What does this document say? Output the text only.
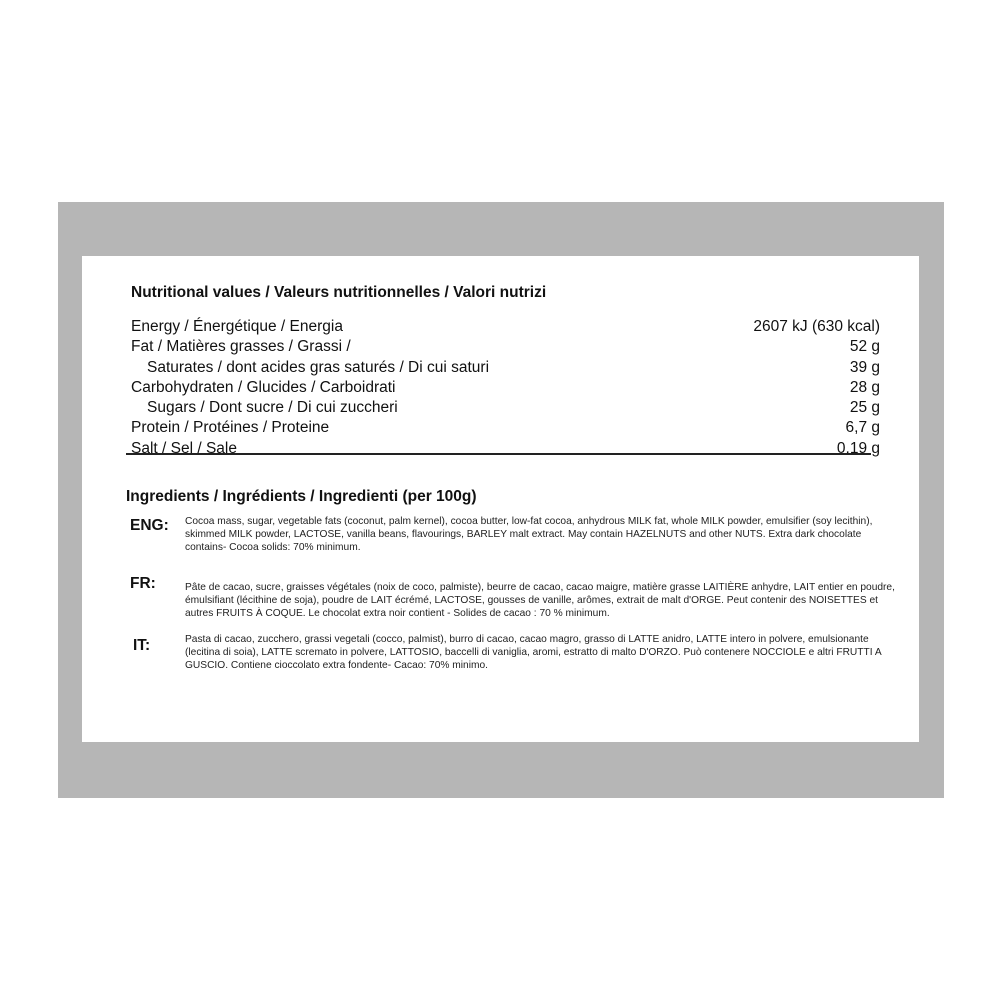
Nutritional values / Valeurs nutritionnelles / Valori nutrizi
Energy / Énergétique / Energia	2607 kJ (630 kcal)
Fat / Matières grasses / Grassi /	52 g
Saturates / dont acides gras saturés / Di cui saturi	39 g
Carbohydraten / Glucides / Carboidrati	28 g
Sugars / Dont sucre / Di cui zuccheri	25 g
Protein / Protéines / Proteine	6,7 g
Salt / Sel / Sale	0,19 g
Ingredients / Ingrédients / Ingredienti (per 100g)
ENG: Cocoa mass, sugar, vegetable fats (coconut, palm kernel), cocoa butter, low-fat cocoa, anhydrous MILK fat, whole MILK powder, emulsifier (soy lecithin), skimmed MILK powder, LACTOSE, vanilla beans, flavourings, BARLEY malt extract. May contain HAZELNUTS and other NUTS. Extra dark chocolate contains- Cocoa solids: 70% minimum.
FR:	Pâte de cacao, sucre, graisses végétales (noix de coco, palmiste), beurre de cacao, cacao maigre, matière grasse LAITIÈRE anhydre, LAIT entier en poudre, émulsifiant (lécithine de soja), poudre de LAIT écrémé, LACTOSE, gousses de vanille, arômes, extrait de malt d'ORGE. Peut contenir des NOISETTES et autres FRUITS À COQUE. Le chocolat extra noir contient - Solides de cacao : 70 % minimum.
IT:	Pasta di cacao, zucchero, grassi vegetali (cocco, palmist), burro di cacao, cacao magro, grasso di LATTE anidro, LATTE intero in polvere, emulsionante (lecitina di soia), LATTE scremato in polvere, LATTOSIO, baccelli di vaniglia, aromi, estratto di malto D'ORZO. Può contenere NOCCIOLE e altri FRUTTI A GUSCIO. Contiene cioccolato extra fondente- Cacao: 70% minimo.
